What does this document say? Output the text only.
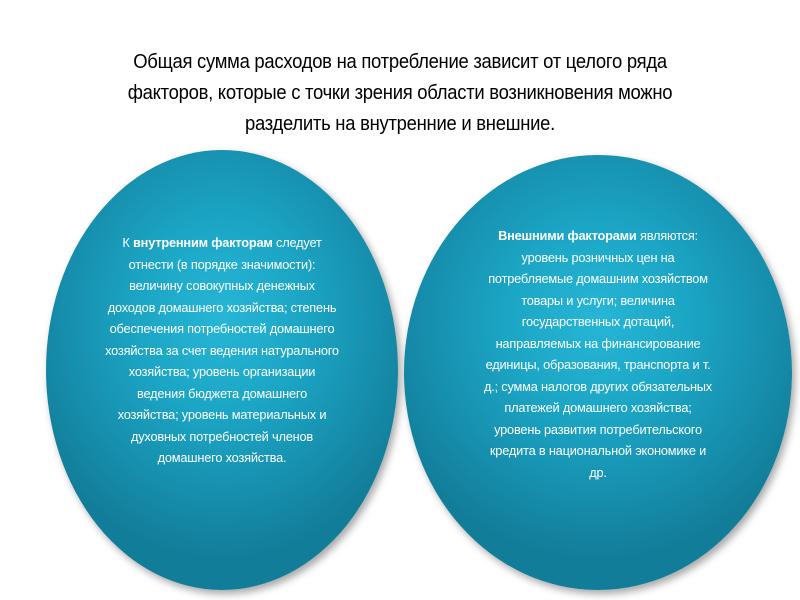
Общая сумма расходов на потребление зависит от целого ряда
факторов, которые с точки зрения области возникновения можно
разделить на внутренние и внешние.
К внутренним факторам следует
отнести (в порядке значимости):
величину совокупных денежных
доходов домашнего хозяйства; степень
обеспечения потребностей домашнего
хозяйства за счет ведения натурального
хозяйства; уровень организации
ведения бюджета домашнего
хозяйства; уровень материальных и
духовных потребностей членов
домашнего хозяйства.
Внешними факторами являются:
уровень розничных цен на
потребляемые домашним хозяйством
товары и услуги; величина
государственных дотаций,
направляемых на финансирование
единицы, образования, транспорта и т.
д.; сумма налогов других обязательных
платежей домашнего хозяйства;
уровень развития потребительского
кредита в национальной экономике и
др.
